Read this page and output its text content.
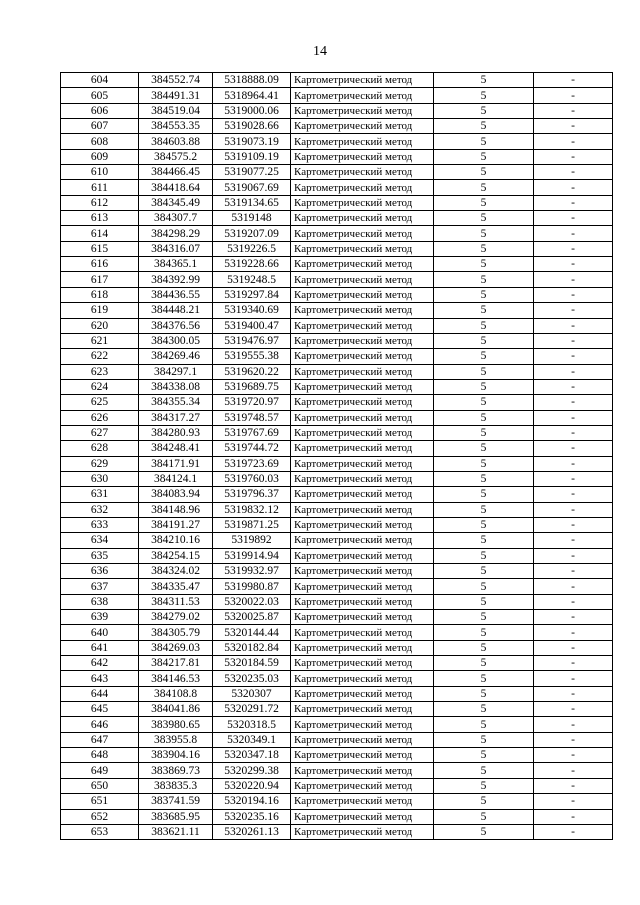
14
604	384552.74	5318888.09	Картометрический метод	5	-
605	384491.31	5318964.41	Картометрический метод	5	-
606	384519.04	5319000.06	Картометрический метод	5	-
607	384553.35	5319028.66	Картометрический метод	5	-
608	384603.88	5319073.19	Картометрический метод	5	-
609	384575.2	5319109.19	Картометрический метод	5	-
610	384466.45	5319077.25	Картометрический метод	5	-
611	384418.64	5319067.69	Картометрический метод	5	-
612	384345.49	5319134.65	Картометрический метод	5	-
613	384307.7	5319148	Картометрический метод	5	-
614	384298.29	5319207.09	Картометрический метод	5	-
615	384316.07	5319226.5	Картометрический метод	5	-
616	384365.1	5319228.66	Картометрический метод	5	-
617	384392.99	5319248.5	Картометрический метод	5	-
618	384436.55	5319297.84	Картометрический метод	5	-
619	384448.21	5319340.69	Картометрический метод	5	-
620	384376.56	5319400.47	Картометрический метод	5	-
621	384300.05	5319476.97	Картометрический метод	5	-
622	384269.46	5319555.38	Картометрический метод	5	-
623	384297.1	5319620.22	Картометрический метод	5	-
624	384338.08	5319689.75	Картометрический метод	5	-
625	384355.34	5319720.97	Картометрический метод	5	-
626	384317.27	5319748.57	Картометрический метод	5	-
627	384280.93	5319767.69	Картометрический метод	5	-
628	384248.41	5319744.72	Картометрический метод	5	-
629	384171.91	5319723.69	Картометрический метод	5	-
630	384124.1	5319760.03	Картометрический метод	5	-
631	384083.94	5319796.37	Картометрический метод	5	-
632	384148.96	5319832.12	Картометрический метод	5	-
633	384191.27	5319871.25	Картометрический метод	5	-
634	384210.16	5319892	Картометрический метод	5	-
635	384254.15	5319914.94	Картометрический метод	5	-
636	384324.02	5319932.97	Картометрический метод	5	-
637	384335.47	5319980.87	Картометрический метод	5	-
638	384311.53	5320022.03	Картометрический метод	5	-
639	384279.02	5320025.87	Картометрический метод	5	-
640	384305.79	5320144.44	Картометрический метод	5	-
641	384269.03	5320182.84	Картометрический метод	5	-
642	384217.81	5320184.59	Картометрический метод	5	-
643	384146.53	5320235.03	Картометрический метод	5	-
644	384108.8	5320307	Картометрический метод	5	-
645	384041.86	5320291.72	Картометрический метод	5	-
646	383980.65	5320318.5	Картометрический метод	5	-
647	383955.8	5320349.1	Картометрический метод	5	-
648	383904.16	5320347.18	Картометрический метод	5	-
649	383869.73	5320299.38	Картометрический метод	5	-
650	383835.3	5320220.94	Картометрический метод	5	-
651	383741.59	5320194.16	Картометрический метод	5	-
652	383685.95	5320235.16	Картометрический метод	5	-
653	383621.11	5320261.13	Картометрический метод	5	-
